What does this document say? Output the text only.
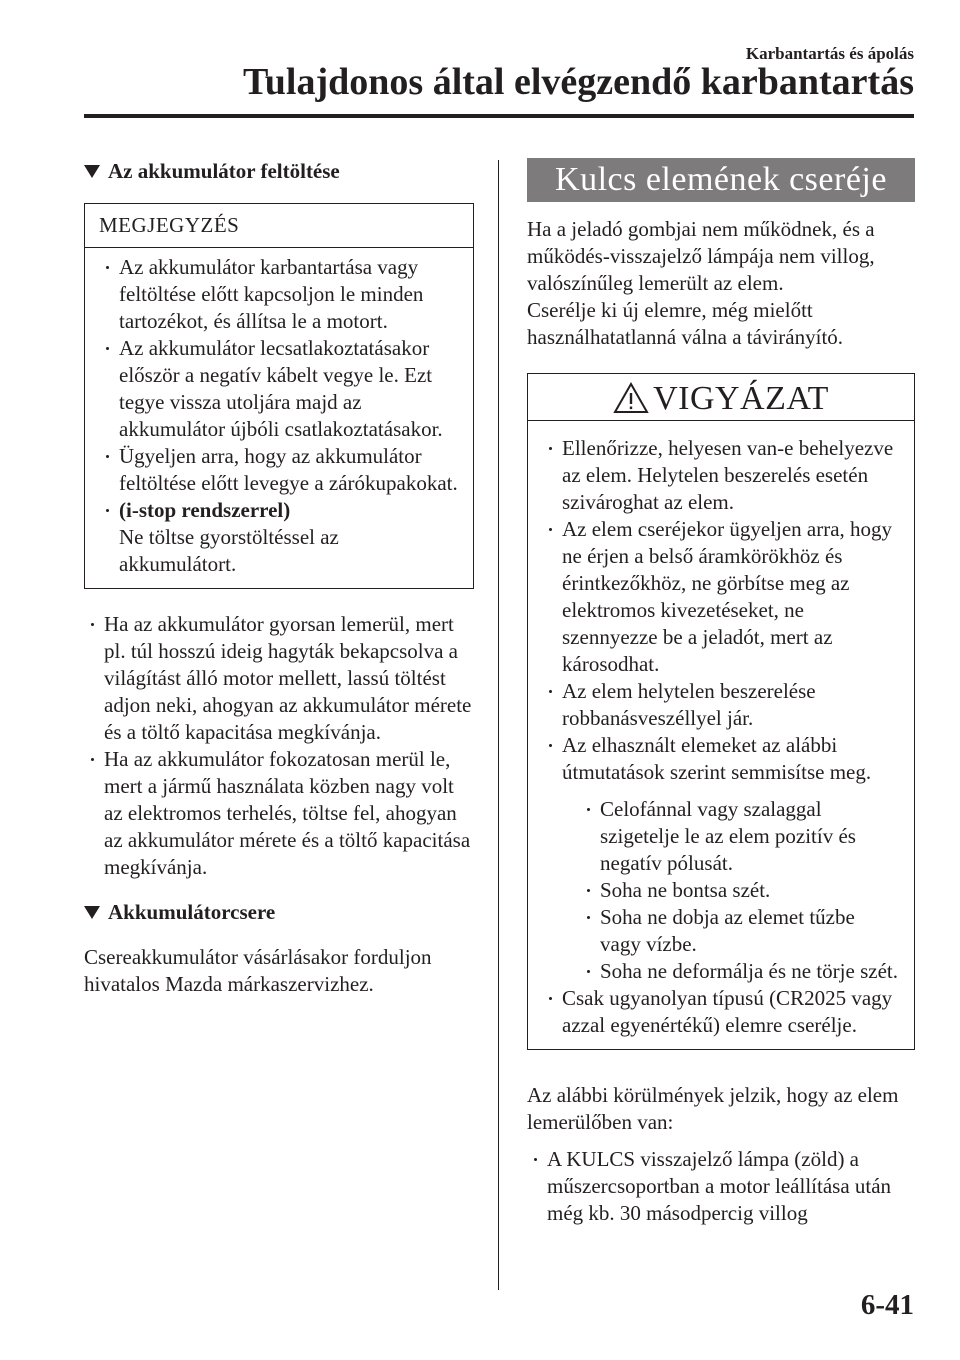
Karbantartás és ápolás
Tulajdonos által elvégzendő karbantartás
Az akkumulátor feltöltése
MEGJEGYZÉS
Az akkumulátor karbantartása vagy feltöltése előtt kapcsoljon le minden tartozékot, és állítsa le a motort.
Az akkumulátor lecsatlakoztatásakor először a negatív kábelt vegye le. Ezt tegye vissza utoljára majd az akkumulátor újbóli csatlakoztatásakor.
Ügyeljen arra, hogy az akkumulátor feltöltése előtt levegye a zárókupakokat.
(i-stop rendszerrel)
Ne töltse gyorstöltéssel az akkumulátort.
Ha az akkumulátor gyorsan lemerül, mert pl. túl hosszú ideig hagyták bekapcsolva a világítást álló motor mellett, lassú töltést adjon neki, ahogyan az akkumulátor mérete és a töltő kapacitása megkívánja.
Ha az akkumulátor fokozatosan merül le, mert a jármű használata közben nagy volt az elektromos terhelés, töltse fel, ahogyan az akkumulátor mérete és a töltő kapacitása megkívánja.
Akkumulátorcsere

Csereakkumulátor vásárlásakor forduljon hivatalos Mazda márkaszervizhez.

Kulcs elemének cseréje

Ha a jeladó gombjai nem működnek, és a működés-visszajelző lámpája nem villog, valószínűleg lemerült az elem.
Cserélje ki új elemre, még mielőtt használhatatlanná válna a távirányító.

VIGYÁZAT
Ellenőrizze, helyesen van-e behelyezve az elem. Helytelen beszerelés esetén szivároghat az elem.
Az elem cseréjekor ügyeljen arra, hogy ne érjen a belső áramkörökhöz és érintkezőkhöz, ne görbítse meg az elektromos kivezetéseket, ne szennyezze be a jeladót, mert az károsodhat.
Az elem helytelen beszerelése robbanásveszéllyel jár.
Az elhasznált elemeket az alábbi útmutatások szerint semmisítse meg.
Celofánnal vagy szalaggal szigetelje le az elem pozitív és negatív pólusát.
Soha ne bontsa szét.
Soha ne dobja az elemet tűzbe vagy vízbe.
Soha ne deformálja és ne törje szét.
Csak ugyanolyan típusú (CR2025 vagy azzal egyenértékű) elemre cserélje.

Az alábbi körülmények jelzik, hogy az elem lemerülőben van:

A KULCS visszajelző lámpa (zöld) a műszercsoportban a motor leállítása után még kb. 30 másodpercig villog
6-41
